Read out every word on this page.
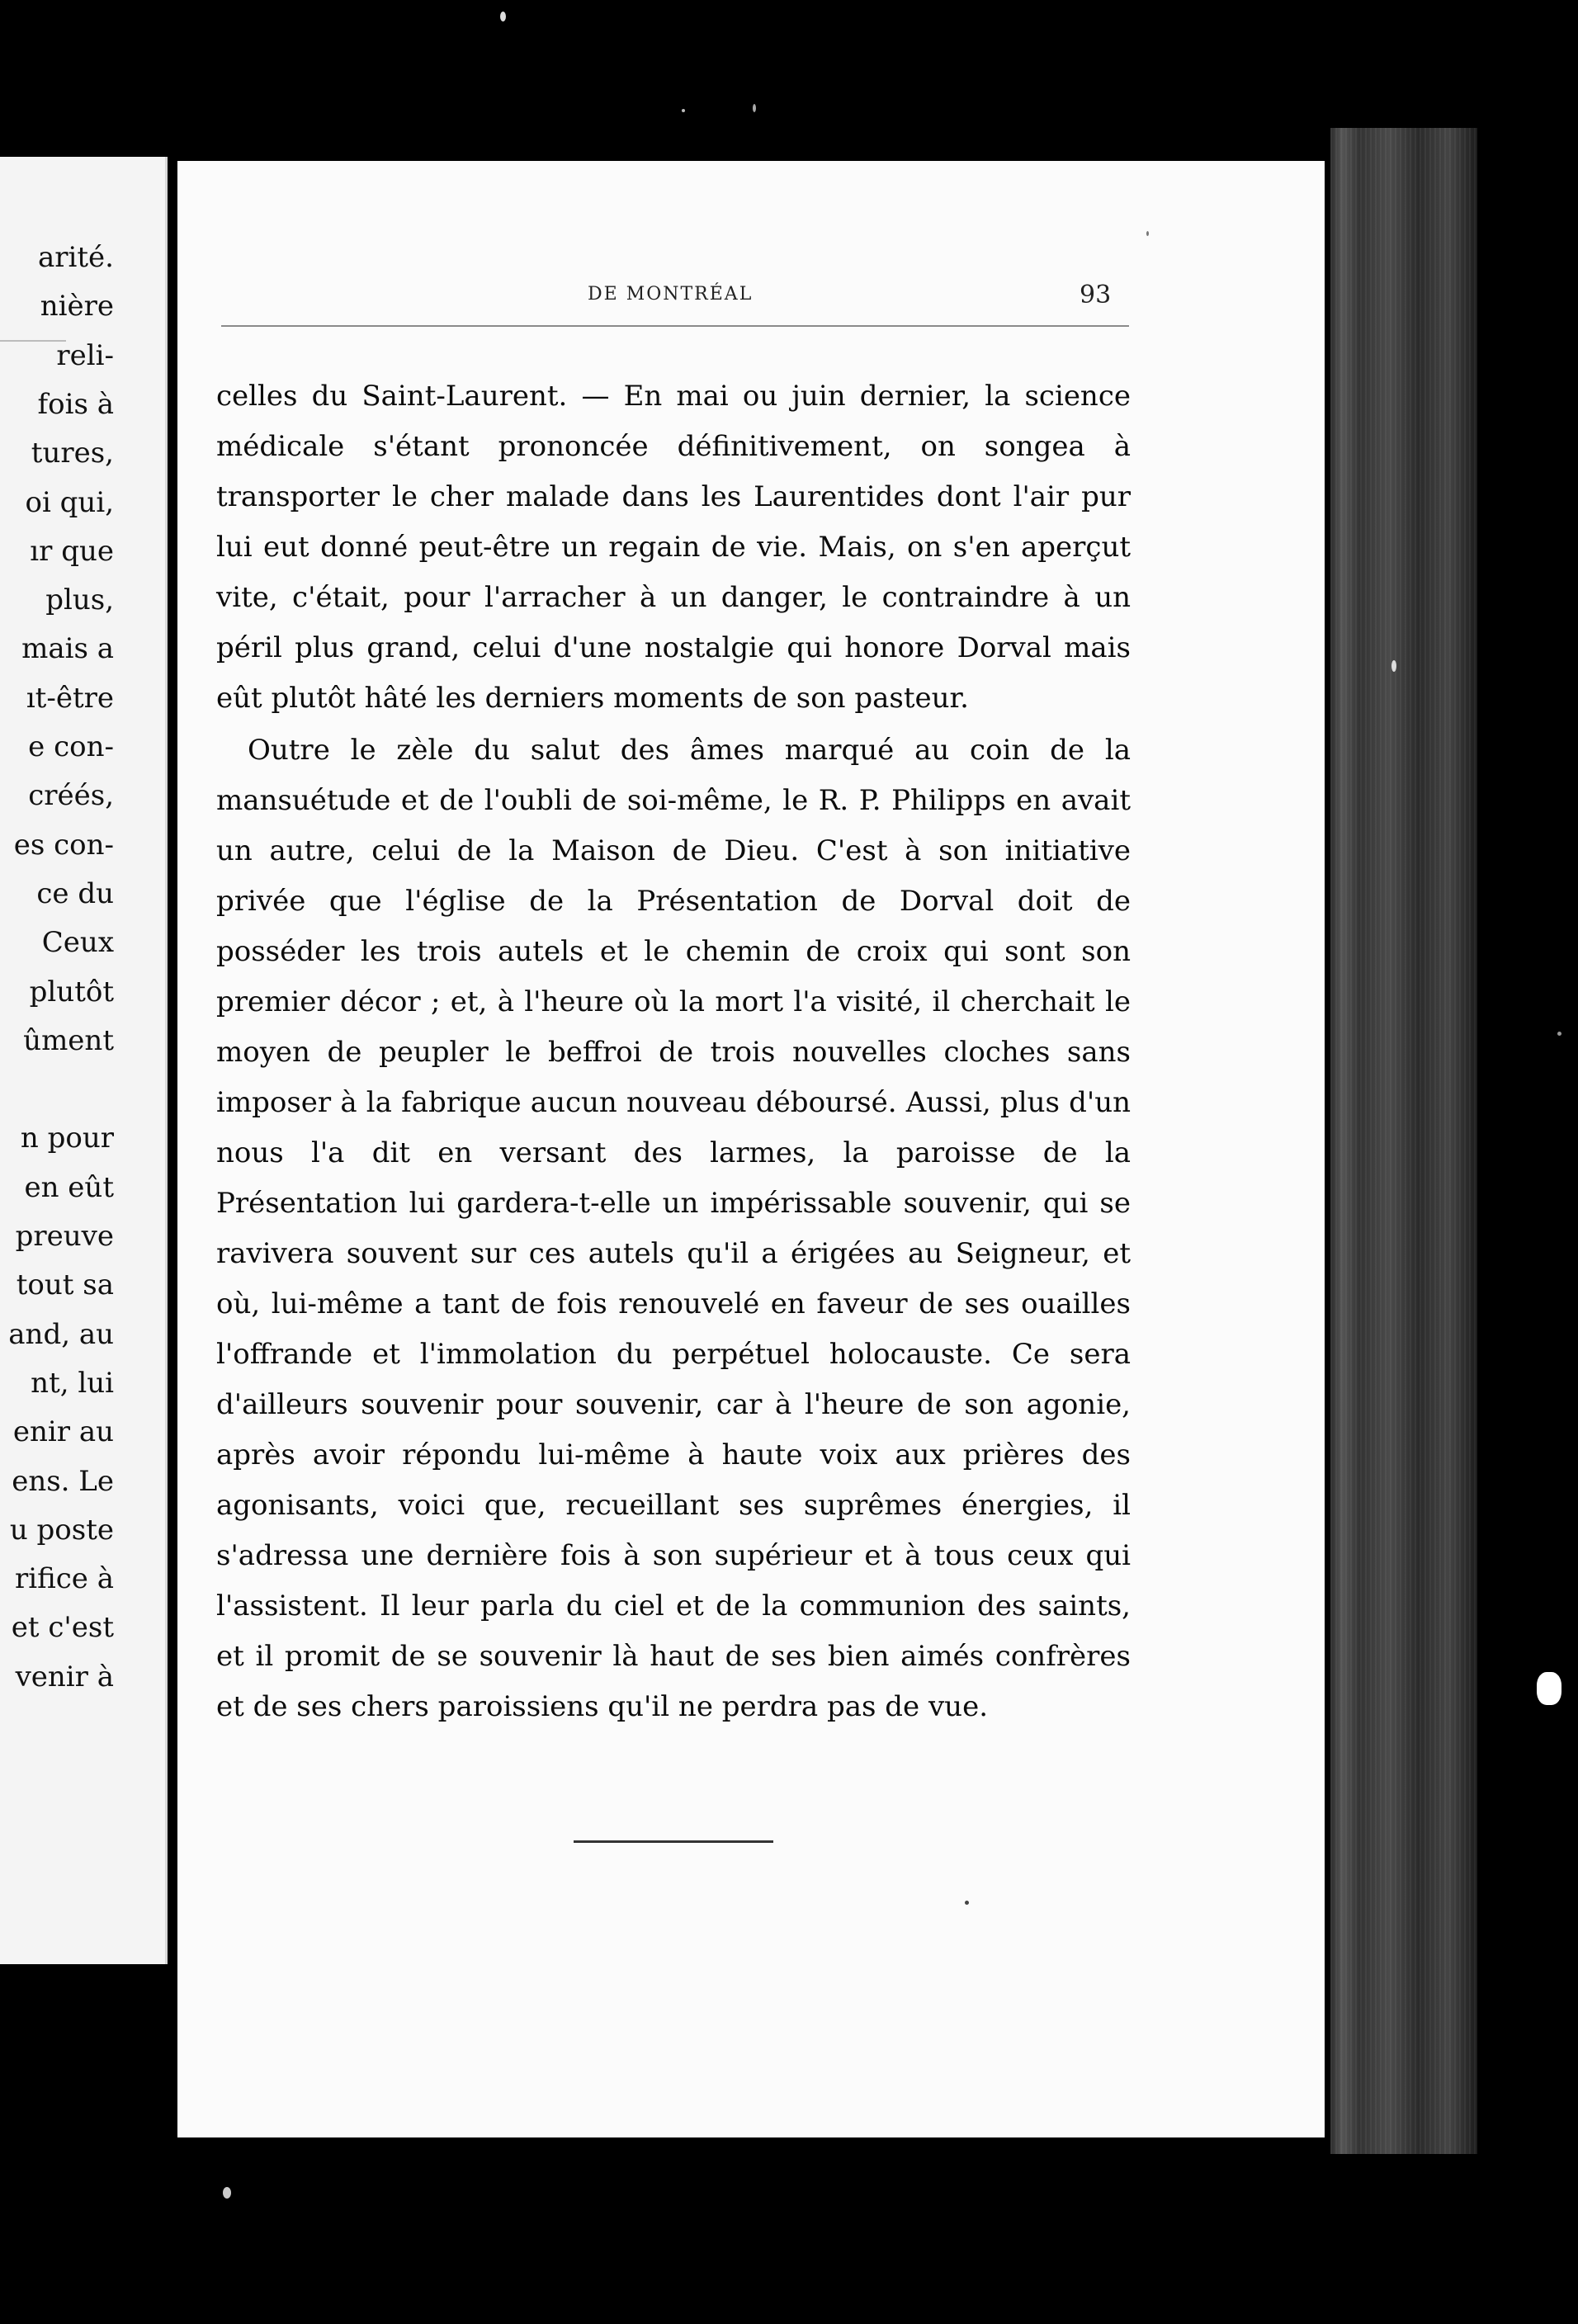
arité.
nière
reli-
fois à
tures,
oi qui,
ır que
plus,
mais a
ıt-être
e con-
créés,
es con-
ce du
Ceux
plutôt
ûment
n pour
en eût
preuve
tout sa
and, au
nt, lui
enir au
ens. Le
u poste
rifice à
et c'est
venir à
DE MONTRÉAL	93

celles du Saint-Laurent. — En mai ou juin dernier, la science médicale s'étant prononcée définitivement, on songea à transporter le cher malade dans les Laurentides dont l'air pur lui eut donné peut-être un regain de vie. Mais, on s'en aperçut vite, c'était, pour l'arracher à un danger, le contraindre à un péril plus grand, celui d'une nostalgie qui honore Dorval mais eût plutôt hâté les derniers moments de son pasteur.

Outre le zèle du salut des âmes marqué au coin de la mansuétude et de l'oubli de soi-même, le R. P. Philipps en avait un autre, celui de la Maison de Dieu. C'est à son initiative privée que l'église de la Présentation de Dorval doit de posséder les trois autels et le chemin de croix qui sont son premier décor ; et, à l'heure où la mort l'a visité, il cherchait le moyen de peupler le beffroi de trois nouvelles cloches sans imposer à la fabrique aucun nouveau déboursé. Aussi, plus d'un nous l'a dit en versant des larmes, la paroisse de la Présentation lui gardera-t-elle un impérissable souvenir, qui se ravivera souvent sur ces autels qu'il a érigées au Seigneur, et où, lui-même a tant de fois renouvelé en faveur de ses ouailles l'offrande et l'immolation du perpétuel holocauste. Ce sera d'ailleurs souvenir pour souvenir, car à l'heure de son agonie, après avoir répondu lui-même à haute voix aux prières des agonisants, voici que, recueillant ses suprêmes énergies, il s'adressa une dernière fois à son supérieur et à tous ceux qui l'assistent. Il leur parla du ciel et de la communion des saints, et il promit de se souvenir là haut de ses bien aimés confrères et de ses chers paroissiens qu'il ne perdra pas de vue.
